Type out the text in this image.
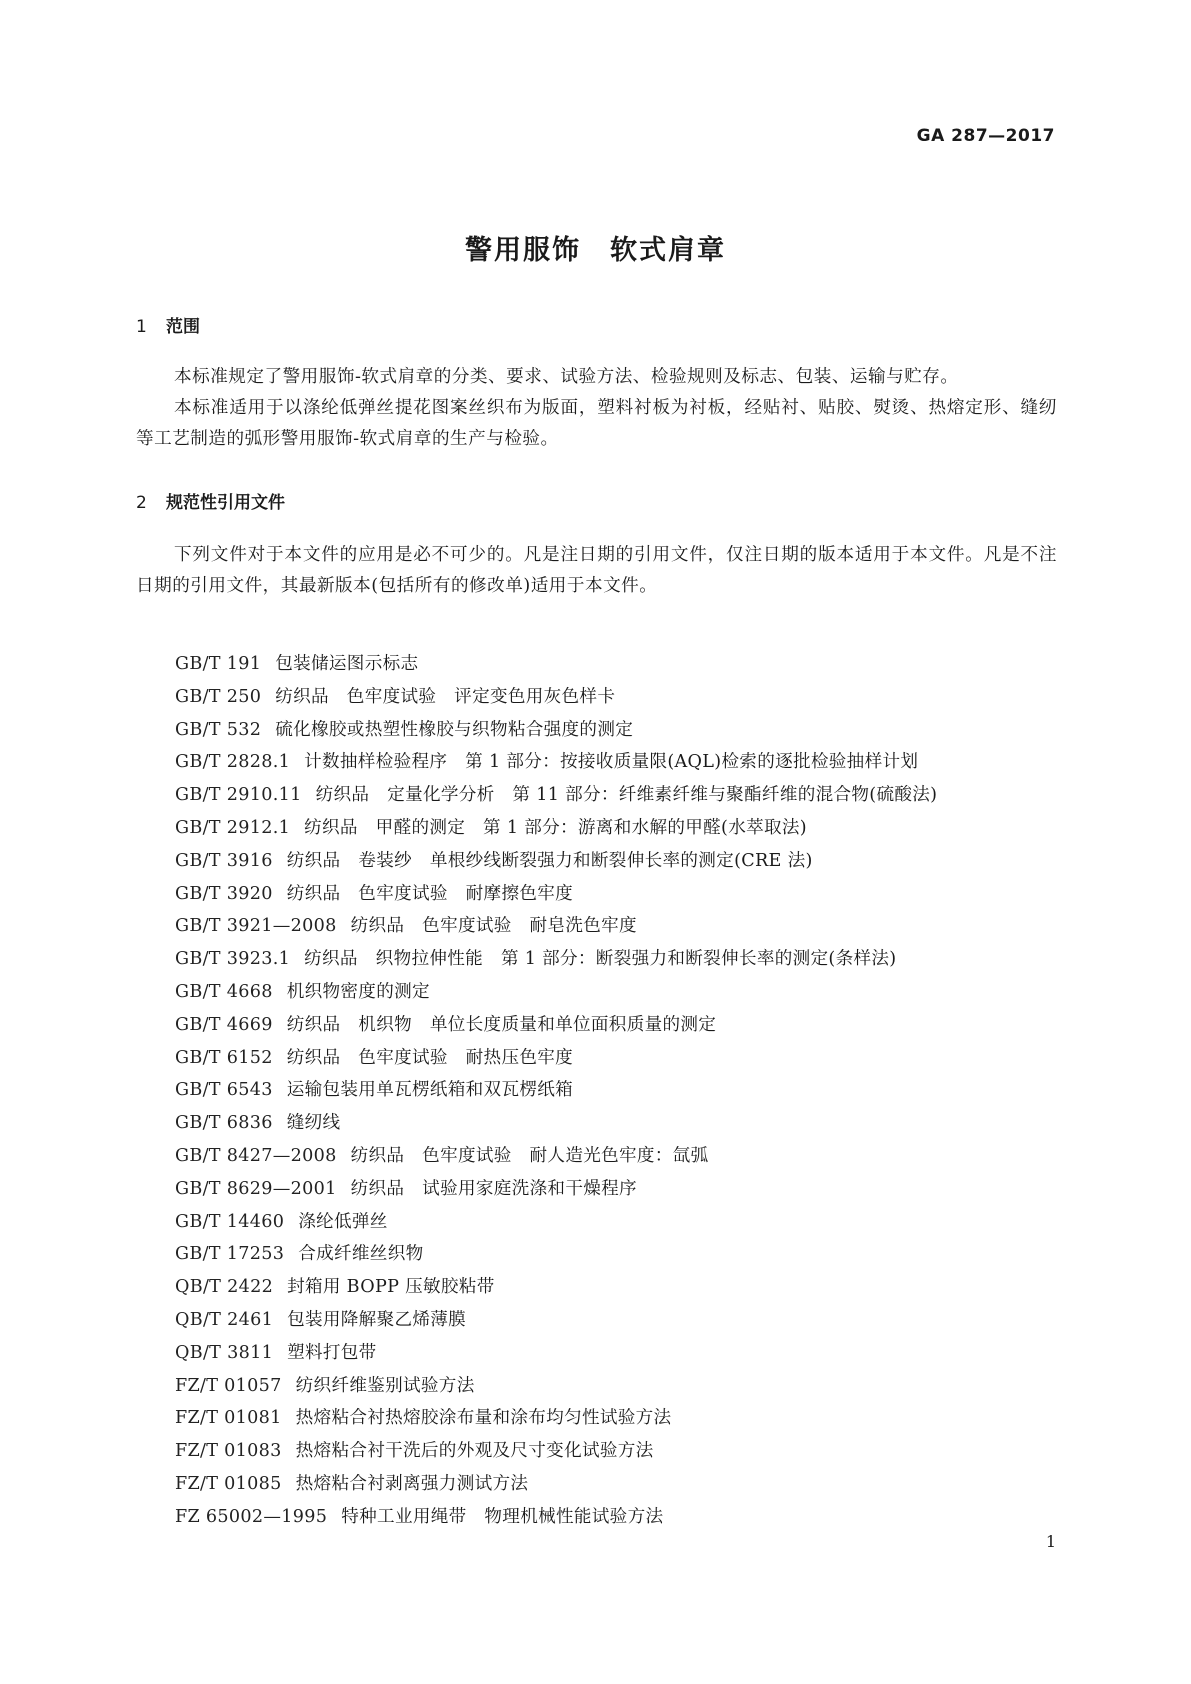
GA 287—2017
警用服饰　软式肩章
1 范围

本标准规定了警用服饰-软式肩章的分类、要求、试验方法、检验规则及标志、包装、运输与贮存。

本标准适用于以涤纶低弹丝提花图案丝织布为版面，塑料衬板为衬板，经贴衬、贴胶、熨烫、热熔定形、缝纫等工艺制造的弧形警用服饰-软式肩章的生产与检验。

2 规范性引用文件

下列文件对于本文件的应用是必不可少的。凡是注日期的引用文件，仅注日期的版本适用于本文件。凡是不注日期的引用文件，其最新版本(包括所有的修改单)适用于本文件。

GB/T 191 包装储运图示标志
GB/T 250 纺织品　色牢度试验　评定变色用灰色样卡
GB/T 532 硫化橡胶或热塑性橡胶与织物粘合强度的测定
GB/T 2828.1 计数抽样检验程序　第 1 部分：按接收质量限(AQL)检索的逐批检验抽样计划
GB/T 2910.11 纺织品　定量化学分析　第 11 部分：纤维素纤维与聚酯纤维的混合物(硫酸法)
GB/T 2912.1 纺织品　甲醛的测定　第 1 部分：游离和水解的甲醛(水萃取法)
GB/T 3916 纺织品　卷装纱　单根纱线断裂强力和断裂伸长率的测定(CRE 法)
GB/T 3920 纺织品　色牢度试验　耐摩擦色牢度
GB/T 3921—2008 纺织品　色牢度试验　耐皂洗色牢度
GB/T 3923.1 纺织品　织物拉伸性能　第 1 部分：断裂强力和断裂伸长率的测定(条样法)
GB/T 4668 机织物密度的测定
GB/T 4669 纺织品　机织物　单位长度质量和单位面积质量的测定
GB/T 6152 纺织品　色牢度试验　耐热压色牢度
GB/T 6543 运输包装用单瓦楞纸箱和双瓦楞纸箱
GB/T 6836 缝纫线
GB/T 8427—2008 纺织品　色牢度试验　耐人造光色牢度：氙弧
GB/T 8629—2001 纺织品　试验用家庭洗涤和干燥程序
GB/T 14460 涤纶低弹丝
GB/T 17253 合成纤维丝织物
QB/T 2422 封箱用 BOPP 压敏胶粘带
QB/T 2461 包装用降解聚乙烯薄膜
QB/T 3811 塑料打包带
FZ/T 01057 纺织纤维鉴别试验方法
FZ/T 01081 热熔粘合衬热熔胶涂布量和涂布均匀性试验方法
FZ/T 01083 热熔粘合衬干洗后的外观及尺寸变化试验方法
FZ/T 01085 热熔粘合衬剥离强力测试方法
FZ 65002—1995 特种工业用绳带　物理机械性能试验方法
1
